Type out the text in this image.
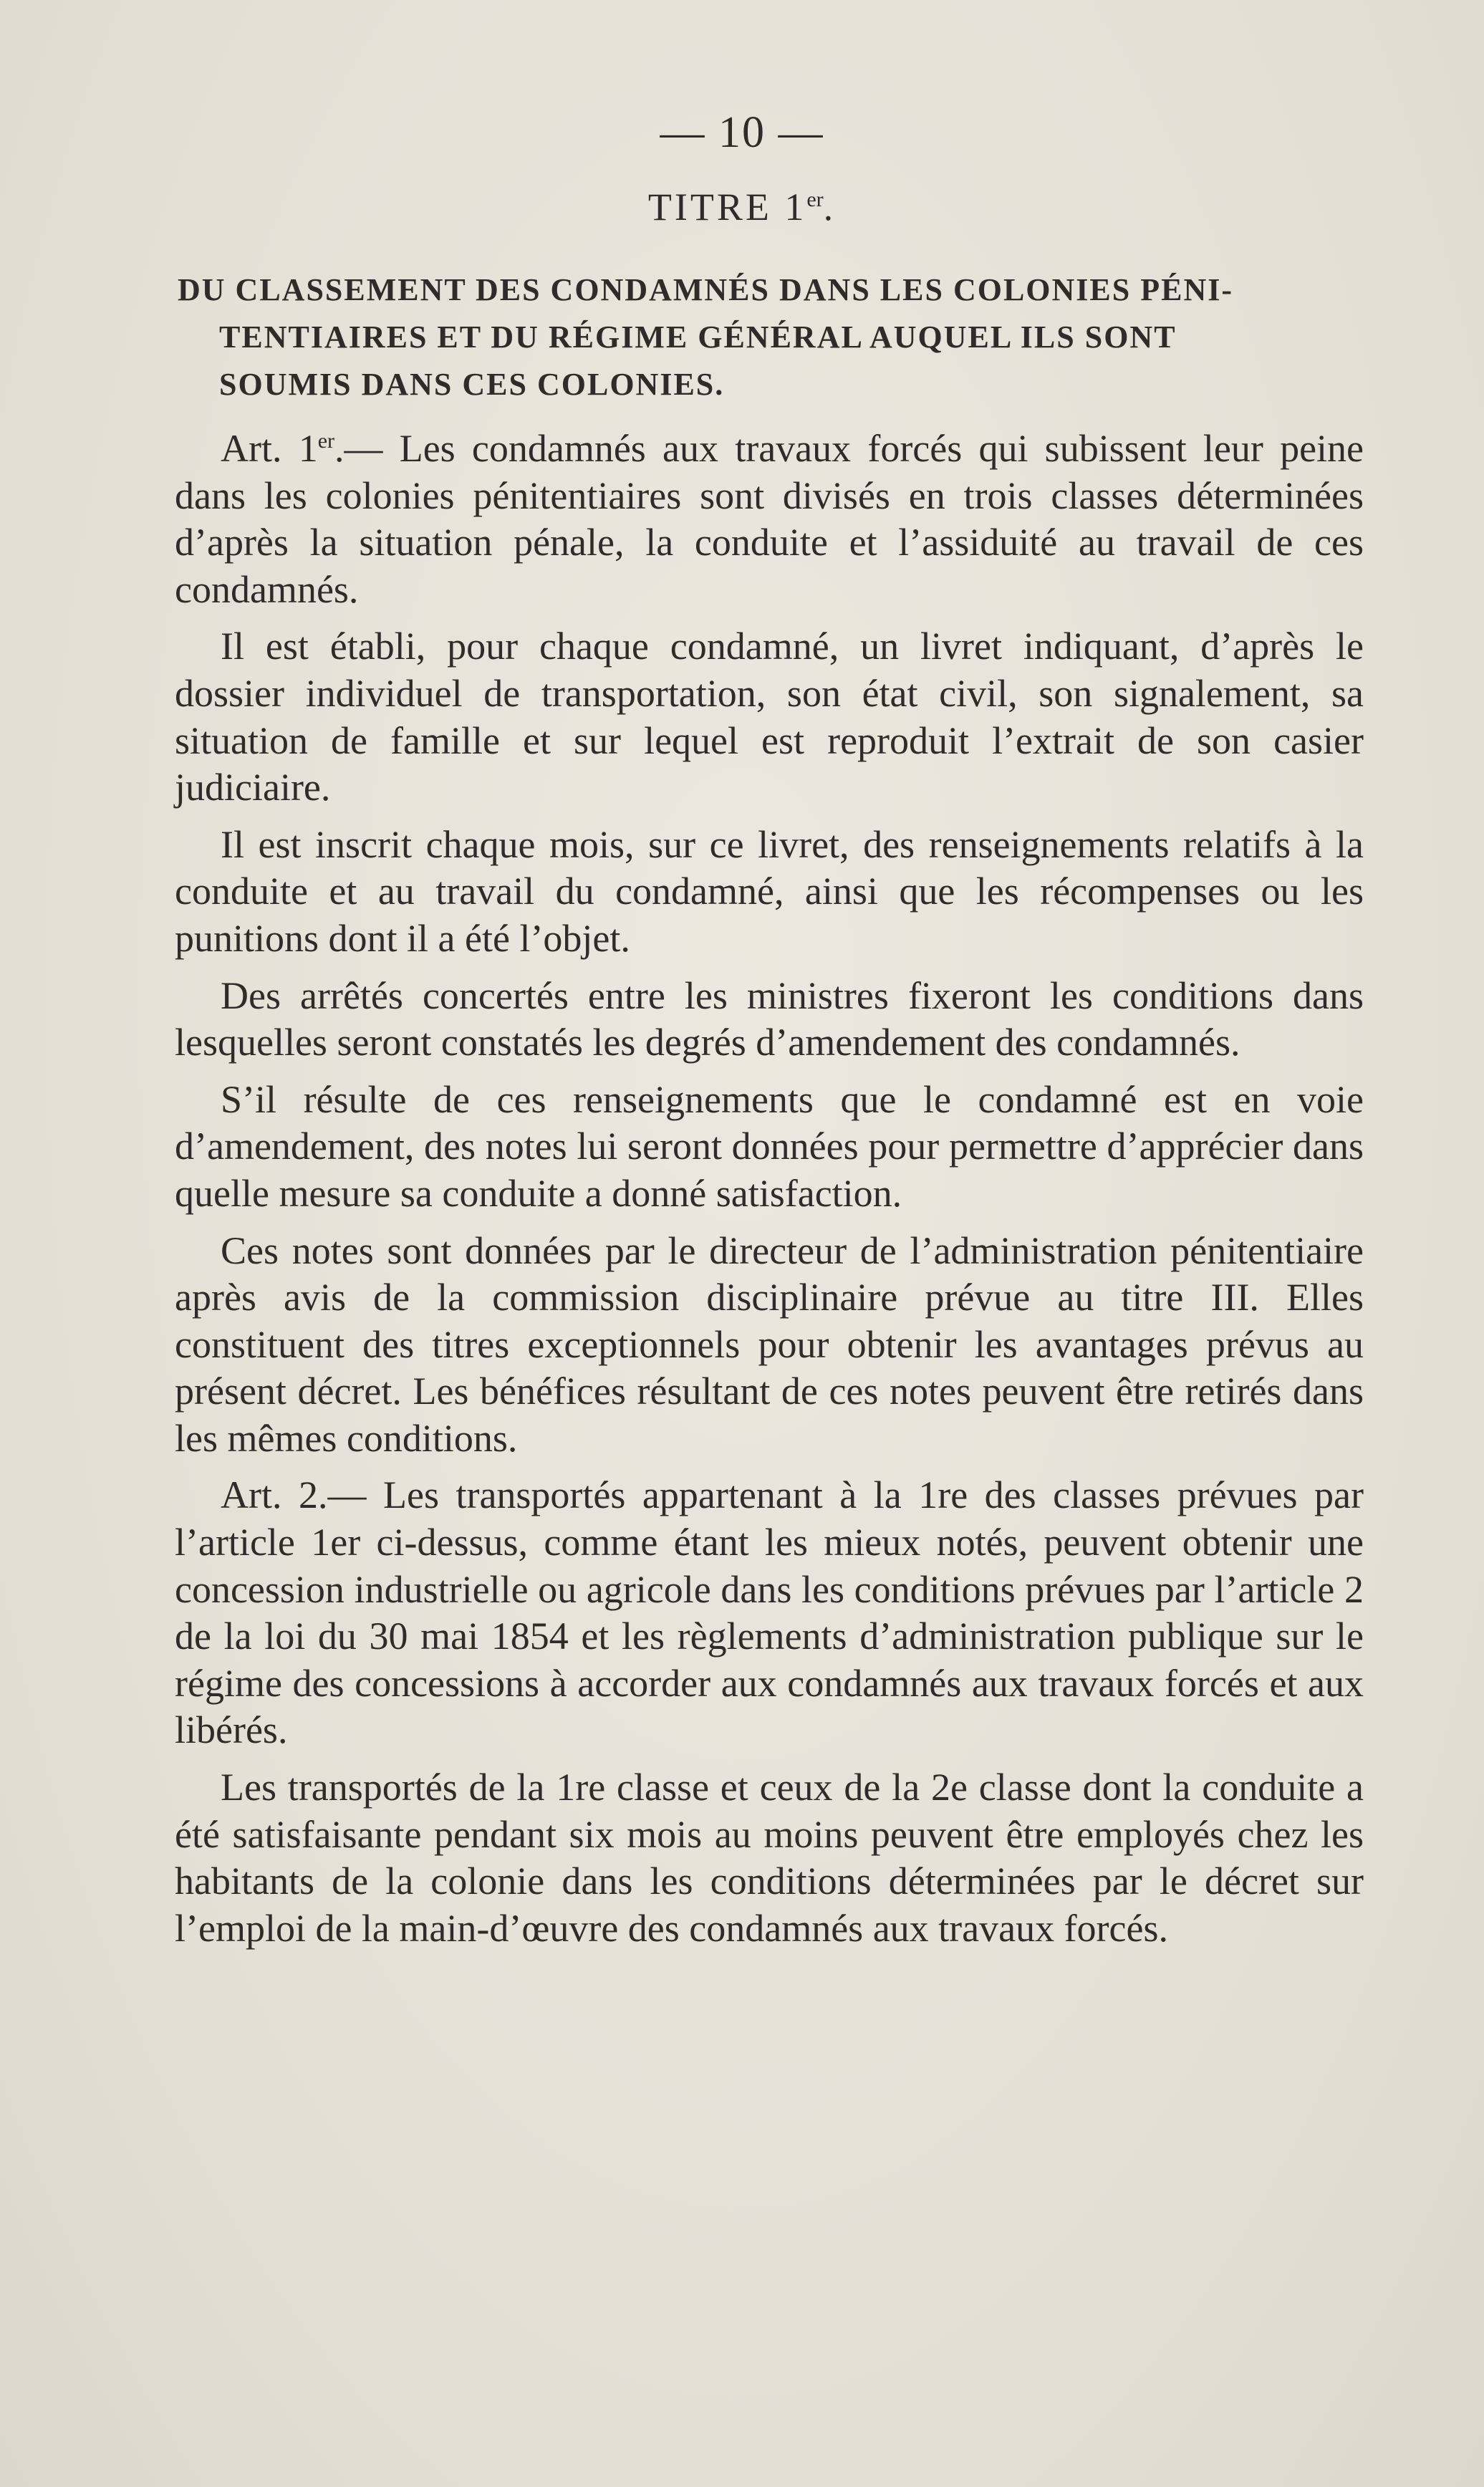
— 10 —
TITRE 1er.
DU CLASSEMENT DES CONDAMNÉS DANS LES COLONIES PÉNI-
TENTIAIRES ET DU RÉGIME GÉNÉRAL AUQUEL ILS SONT
SOUMIS DANS CES COLONIES.

Art. 1er.— Les condamnés aux travaux forcés qui subissent leur peine dans les colonies pénitentiaires sont divisés en trois classes déterminées d’après la situation pénale, la conduite et l’assiduité au travail de ces condamnés.

Il est établi, pour chaque condamné, un livret indiquant, d’après le dossier individuel de transportation, son état civil, son signalement, sa situation de famille et sur lequel est reproduit l’extrait de son casier judiciaire.

Il est inscrit chaque mois, sur ce livret, des renseignements relatifs à la conduite et au travail du condamné, ainsi que les récompenses ou les punitions dont il a été l’objet.

Des arrêtés concertés entre les ministres fixeront les conditions dans lesquelles seront constatés les degrés d’amendement des condamnés.

S’il résulte de ces renseignements que le condamné est en voie d’amendement, des notes lui seront données pour permettre d’apprécier dans quelle mesure sa conduite a donné satisfaction.

Ces notes sont données par le directeur de l’administration pénitentiaire après avis de la commission disciplinaire prévue au titre III. Elles constituent des titres exceptionnels pour obtenir les avantages prévus au présent décret. Les bénéfices résultant de ces notes peuvent être retirés dans les mêmes conditions.

Art. 2.— Les transportés appartenant à la 1re des classes prévues par l’article 1er ci-dessus, comme étant les mieux notés, peuvent obtenir une concession industrielle ou agricole dans les conditions prévues par l’article 2 de la loi du 30 mai 1854 et les règlements d’administration publique sur le régime des concessions à accorder aux condamnés aux travaux forcés et aux libérés.

Les transportés de la 1re classe et ceux de la 2e classe dont la conduite a été satisfaisante pendant six mois au moins peuvent être employés chez les habitants de la colonie dans les conditions déterminées par le décret sur l’emploi de la main-d’œuvre des condamnés aux travaux forcés.
